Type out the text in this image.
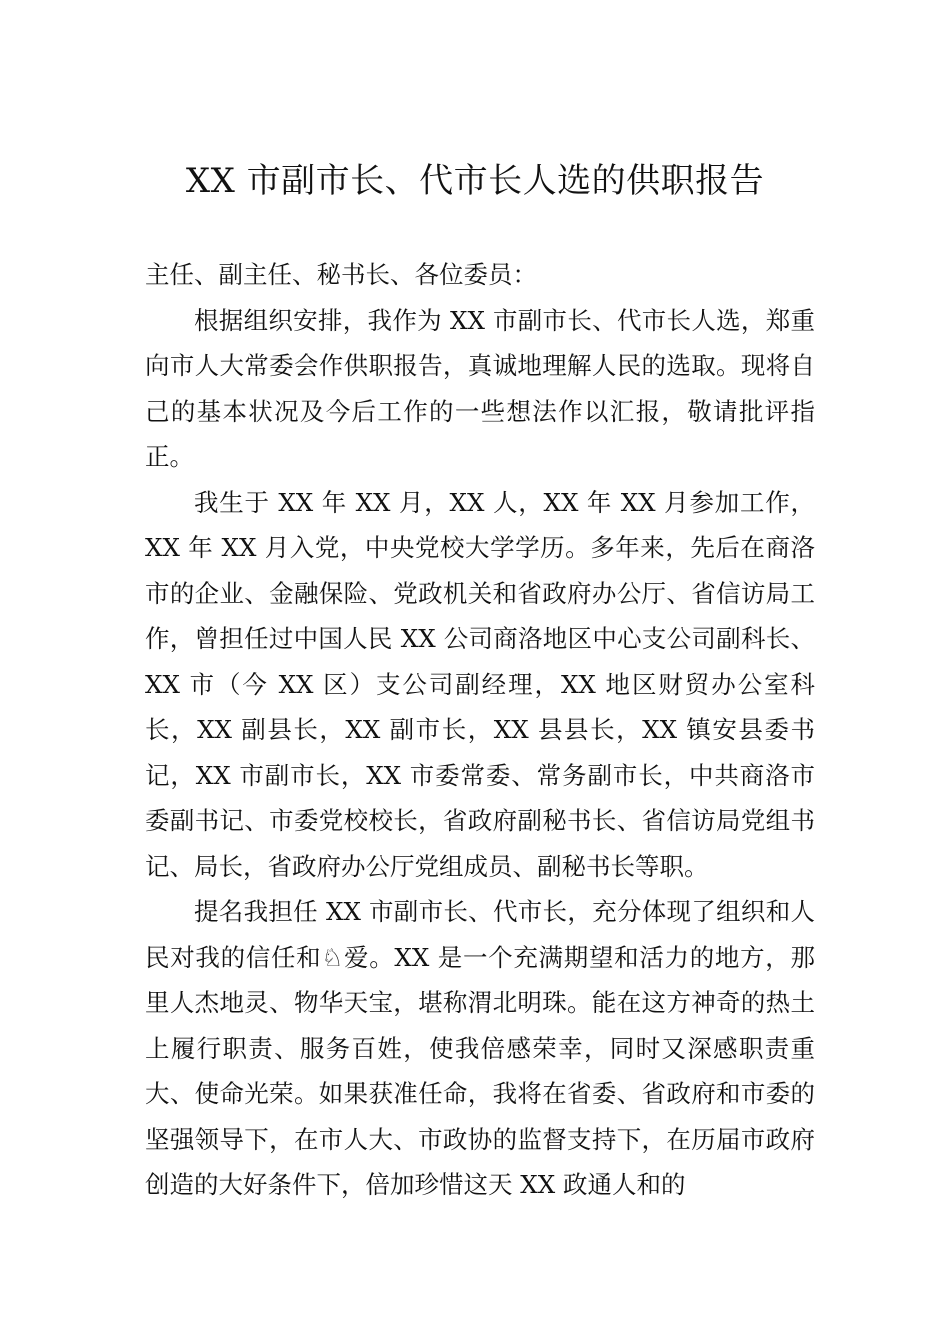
XX 市副市长、代市长人选的供职报告

主任、副主任、秘书长、各位委员：

根据组织安排，我作为 XX 市副市长、代市长人选，郑重向市人大常委会作供职报告，真诚地理解人民的选取。现将自己的基本状况及今后工作的一些想法作以汇报，敬请批评指正。

我生于 XX 年 XX 月，XX 人，XX 年 XX 月参加工作，XX 年 XX 月入党，中央党校大学学历。多年来，先后在商洛市的企业、金融保险、党政机关和省政府办公厅、省信访局工作，曾担任过中国人民 XX 公司商洛地区中心支公司副科长、XX 市（今 XX 区）支公司副经理，XX 地区财贸办公室科长，XX 副县长，XX 副市长，XX 县县长，XX 镇安县委书记，XX 市副市长，XX 市委常委、常务副市长，中共商洛市委副书记、市委党校校长，省政府副秘书长、省信访局党组书记、局长，省政府办公厅党组成员、副秘书长等职。

提名我担任 XX 市副市长、代市长，充分体现了组织和人民对我的信任和♘爱。XX 是一个充满期望和活力的地方，那里人杰地灵、物华天宝，堪称渭北明珠。能在这方神奇的热土上履行职责、服务百姓，使我倍感荣幸，同时又深感职责重大、使命光荣。如果获准任命，我将在省委、省政府和市委的坚强领导下，在市人大、市政协的监督支持下，在历届市政府创造的大好条件下，倍加珍惜这天 XX 政通人和的
